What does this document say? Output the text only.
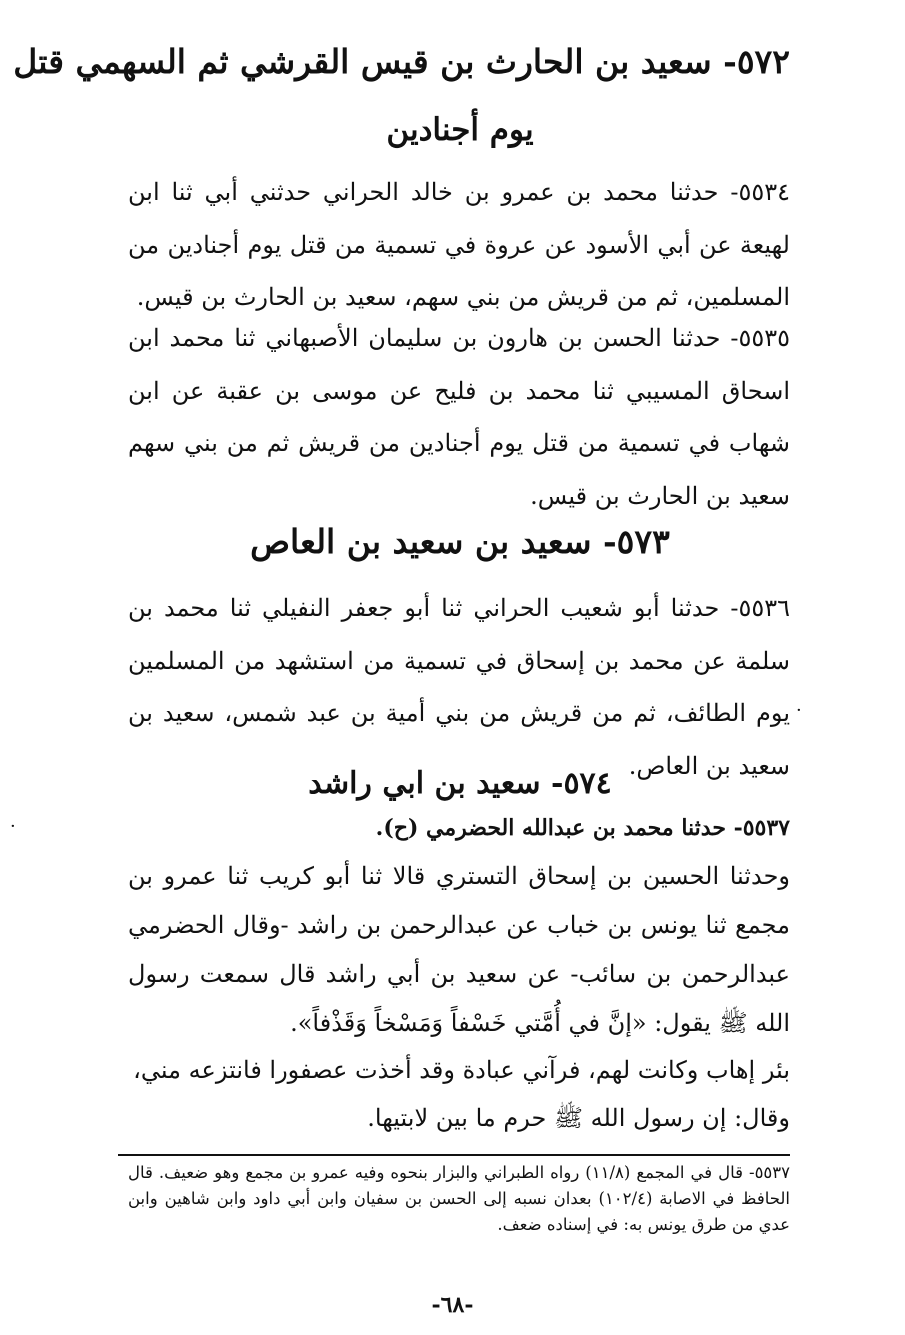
٥٧٢- سعيد بن الحارث بن قيس القرشي ثم السهمي قتل
يوم أجنادين
٥٥٣٤- حدثنا محمد بن عمرو بن خالد الحراني حدثني أبي ثنا ابن لهيعة عن أبي الأسود عن عروة في تسمية من قتل يوم أجنادين من المسلمين، ثم من قريش من بني سهم، سعيد بن الحارث بن قيس.
٥٥٣٥- حدثنا الحسن بن هارون بن سليمان الأصبهاني ثنا محمد ابن اسحاق المسيبي ثنا محمد بن فليح عن موسى بن عقبة عن ابن شهاب في تسمية من قتل يوم أجنادين من قريش ثم من بني سهم سعيد بن الحارث بن قيس.
٥٧٣- سعيد بن سعيد بن العاص
٥٥٣٦- حدثنا أبو شعيب الحراني ثنا أبو جعفر النفيلي ثنا محمد بن سلمة عن محمد بن إسحاق في تسمية من استشهد من المسلمين يوم الطائف، ثم من قريش من بني أمية بن عبد شمس، سعيد بن سعيد بن العاص.
٥٧٤- سعيد بن ابي راشد
٥٥٣٧- حدثنا محمد بن عبدالله الحضرمي (ح).
وحدثنا الحسين بن إسحاق التستري قالا ثنا أبو كريب ثنا عمرو بن مجمع ثنا يونس بن خباب عن عبدالرحمن بن راشد -وقال الحضرمي عبدالرحمن بن سائب- عن سعيد بن أبي راشد قال سمعت رسول الله ﷺ يقول: «إنَّ في أُمَّتي خَسْفاً وَمَسْخاً وَقَذْفاً».
بئر إهاب وكانت لهم، فرآني عبادة وقد أخذت عصفورا فانتزعه مني،
وقال: إن رسول الله ﷺ حرم ما بين لابتيها.
٥٥٣٧- قال في المجمع (١١/٨) رواه الطبراني والبزار بنحوه وفيه عمرو بن مجمع وهو ضعيف. قال الحافظ في الاصابة (١٠٢/٤) بعدان نسبه إلى الحسن بن سفيان وابن أبي داود وابن شاهين وابن عدي من طرق يونس به: في إسناده ضعف.
-٦٨-
·
·
